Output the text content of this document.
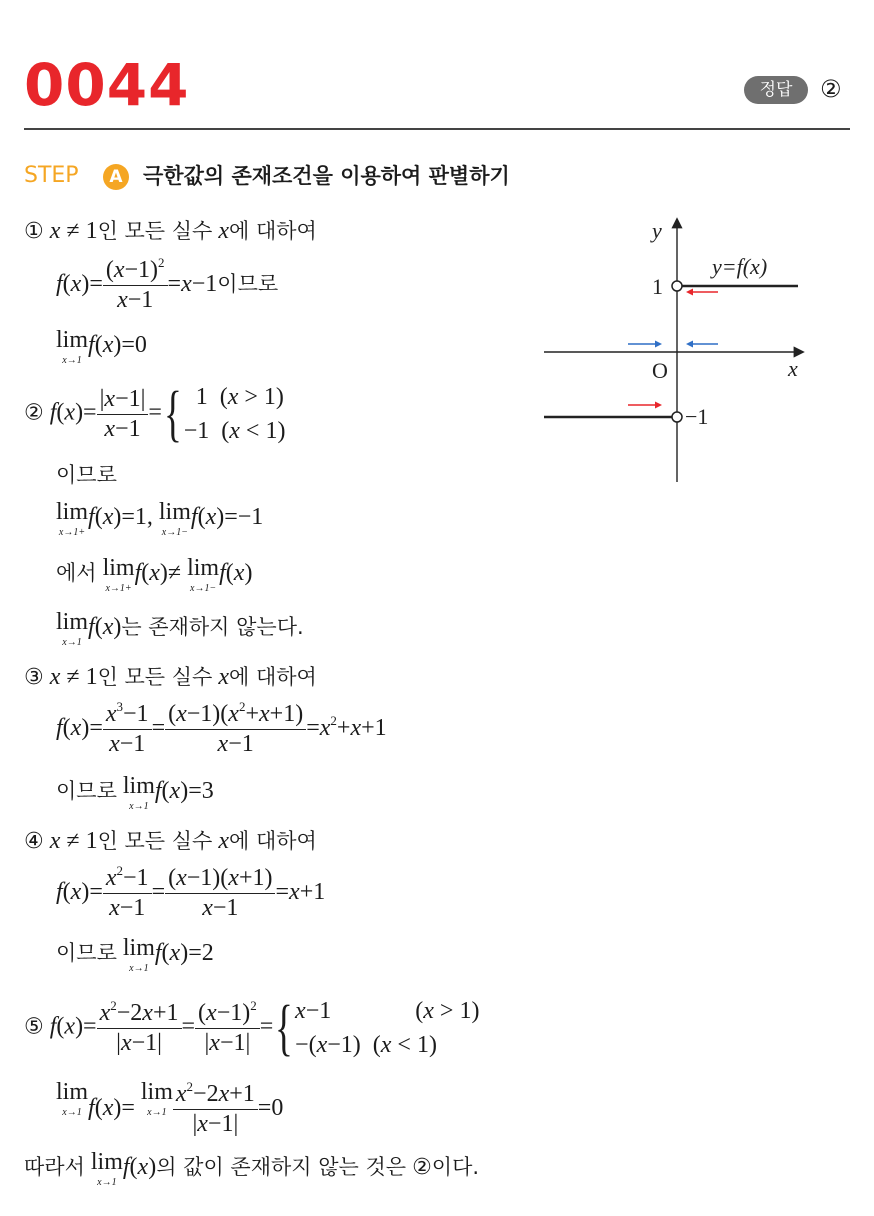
0044	정답	②
STEP	A 극한값의 존재조건을 이용하여 판별하기
① x ≠ 1인 모든 실수 x에 대하여
$f(x)= \frac{(x-1)^2}{x-1} =x-1$이므로
lim
x→1
f(x)=0
② $f(x)= \frac{|x-1|}{x-1}$ ={ 1  (x > 1)
−1  (x < 1)
이므로
lim
x→1+
f(x)=1, lim
x→1−
f(x)=−1
에서 lim
x→1+
f(x)≠ lim
x→1−
f(x)
lim
x→1
f(x)는 존재하지 않는다.
③ x ≠ 1인 모든 실수 x에 대하여
$f(x)= \frac{x^3-1}{x-1} = \frac{(x-1)(x^2+x+1)}{x-1} =x^2+x+1$
이므로 lim
x→1
f(x)=3
④ x ≠ 1인 모든 실수 x에 대하여
$f(x)= \frac{x^2-1}{x-1} = \frac{(x-1)(x+1)}{x-1} =x+1$
이므로 lim
x→1
f(x)=2
⑤ $f(x)= \frac{x^2-2x+1}{|x-1|} = \frac{(x-1)^2}{|x-1|}$ ={ x−1	(x > 1)
−(x−1)  (x < 1)
lim
x→1 f(x)=
lim
$x\to 1 \frac{x^2-2x+1}{|x-1|} =0$
따라서 lim
x→1
f(x)의 값이 존재하지 않는 것은 ②이다.
y
x
O
1
−1
y=f(x)
